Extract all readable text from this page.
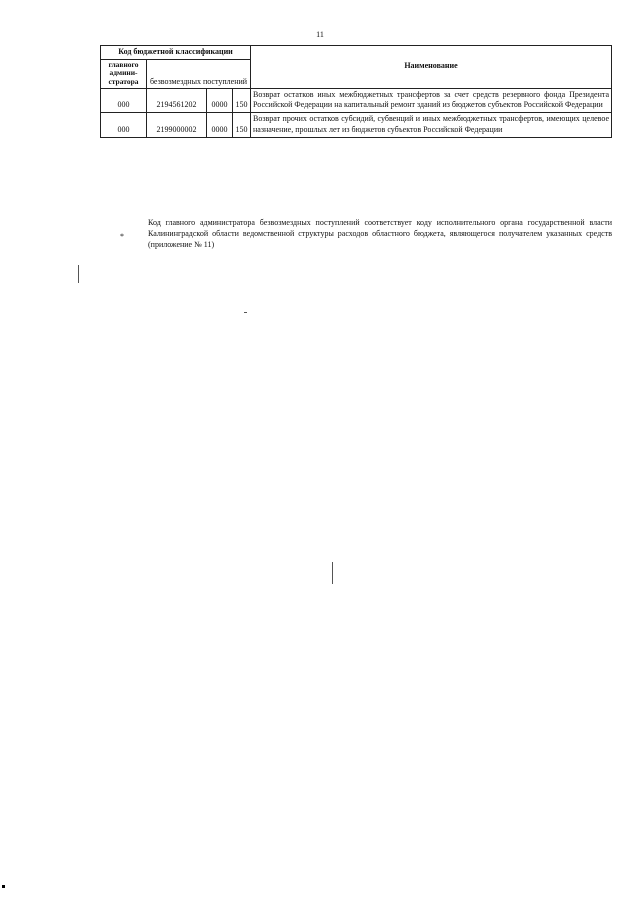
11
Код бюджетной классификации				Наименование
главного админи-стратора	безвозмездных поступлений			
000	2194561202	0000	150	Возврат остатков иных межбюджетных трансфертов за счет средств резервного фонда Президента Российской Федерации на капитальный ремонт зданий из бюджетов субъектов Российской Федерации
000	2199000002	0000	150	Возврат прочих остатков субсидий, субвенций и иных межбюджетных трансфертов, имеющих целевое назначение, прошлых лет из бюджетов субъектов Российской Федерации
*
Код главного администратора безвозмездных поступлений соответствует коду исполнительного органа государственной власти Калининградской области ведомственной структуры расходов областного бюджета, являющегося получателем указанных средств (приложение № 11)
